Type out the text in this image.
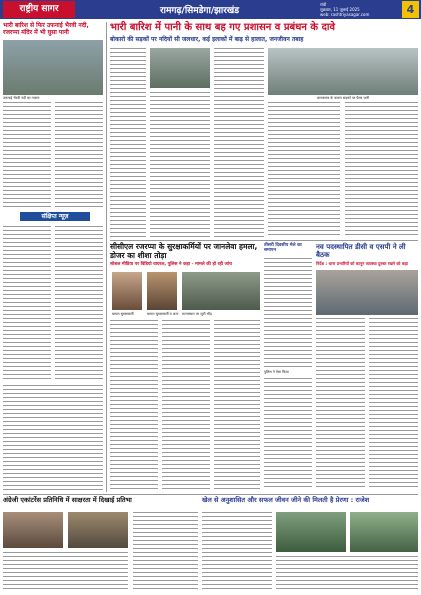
राष्ट्रीय सागर	रामगढ़/सिमडेगा/झारखंड
रांची
शुक्रवार, 11 जुलाई 2025
web: rashtriyasagar.com	4
भारी बारिश से फिर उफनाई भैरवी नदी, रजरप्पा मंदिर में भी घुसा पानी
उफनाई भैरवी नदी का नजारा
संक्षिप्त न्यूज़
भारी बारिश में पानी के साथ बह गए प्रशासन व प्रबंधन के दावे
बोकारो की सड़कों पर नदियों सी जलधार, कई इलाकों में बाढ़ से हालात, जनजीवन तबाह
जलजमाव के कारण सड़कों पर फैसा पानी
सीसीएल रजरप्पा के सुरक्षाकर्मियों पर जानलेवा हमला, डोजर का शीशा तोड़ा
सोशल मीडिया पर विडियो वायरल, पुलिस ने कहा - मामले की हो रही जांच
धायल सुरक्षाकर्मी	धायल सुरक्षाकर्मी व अन्य घटनास्थल पर जुटी भीड़
तीसरी दिवसीय मेले का समापन
पुलिस ने ऐसा किया
नव पदस्थापित डीसी व एसपी ने ली बैठक
निर्देश : थाना प्रभारियों को कानून व्यवस्था दुरुस्त रखने को कहा
अंग्रेजी एकांटर्रेस प्रतिनिधि में साक्षरता में दिखाई प्रतिभा	खेल से अनुशासित और सफल जीवन जीने की मिलती है प्रेरणा : राजेश
